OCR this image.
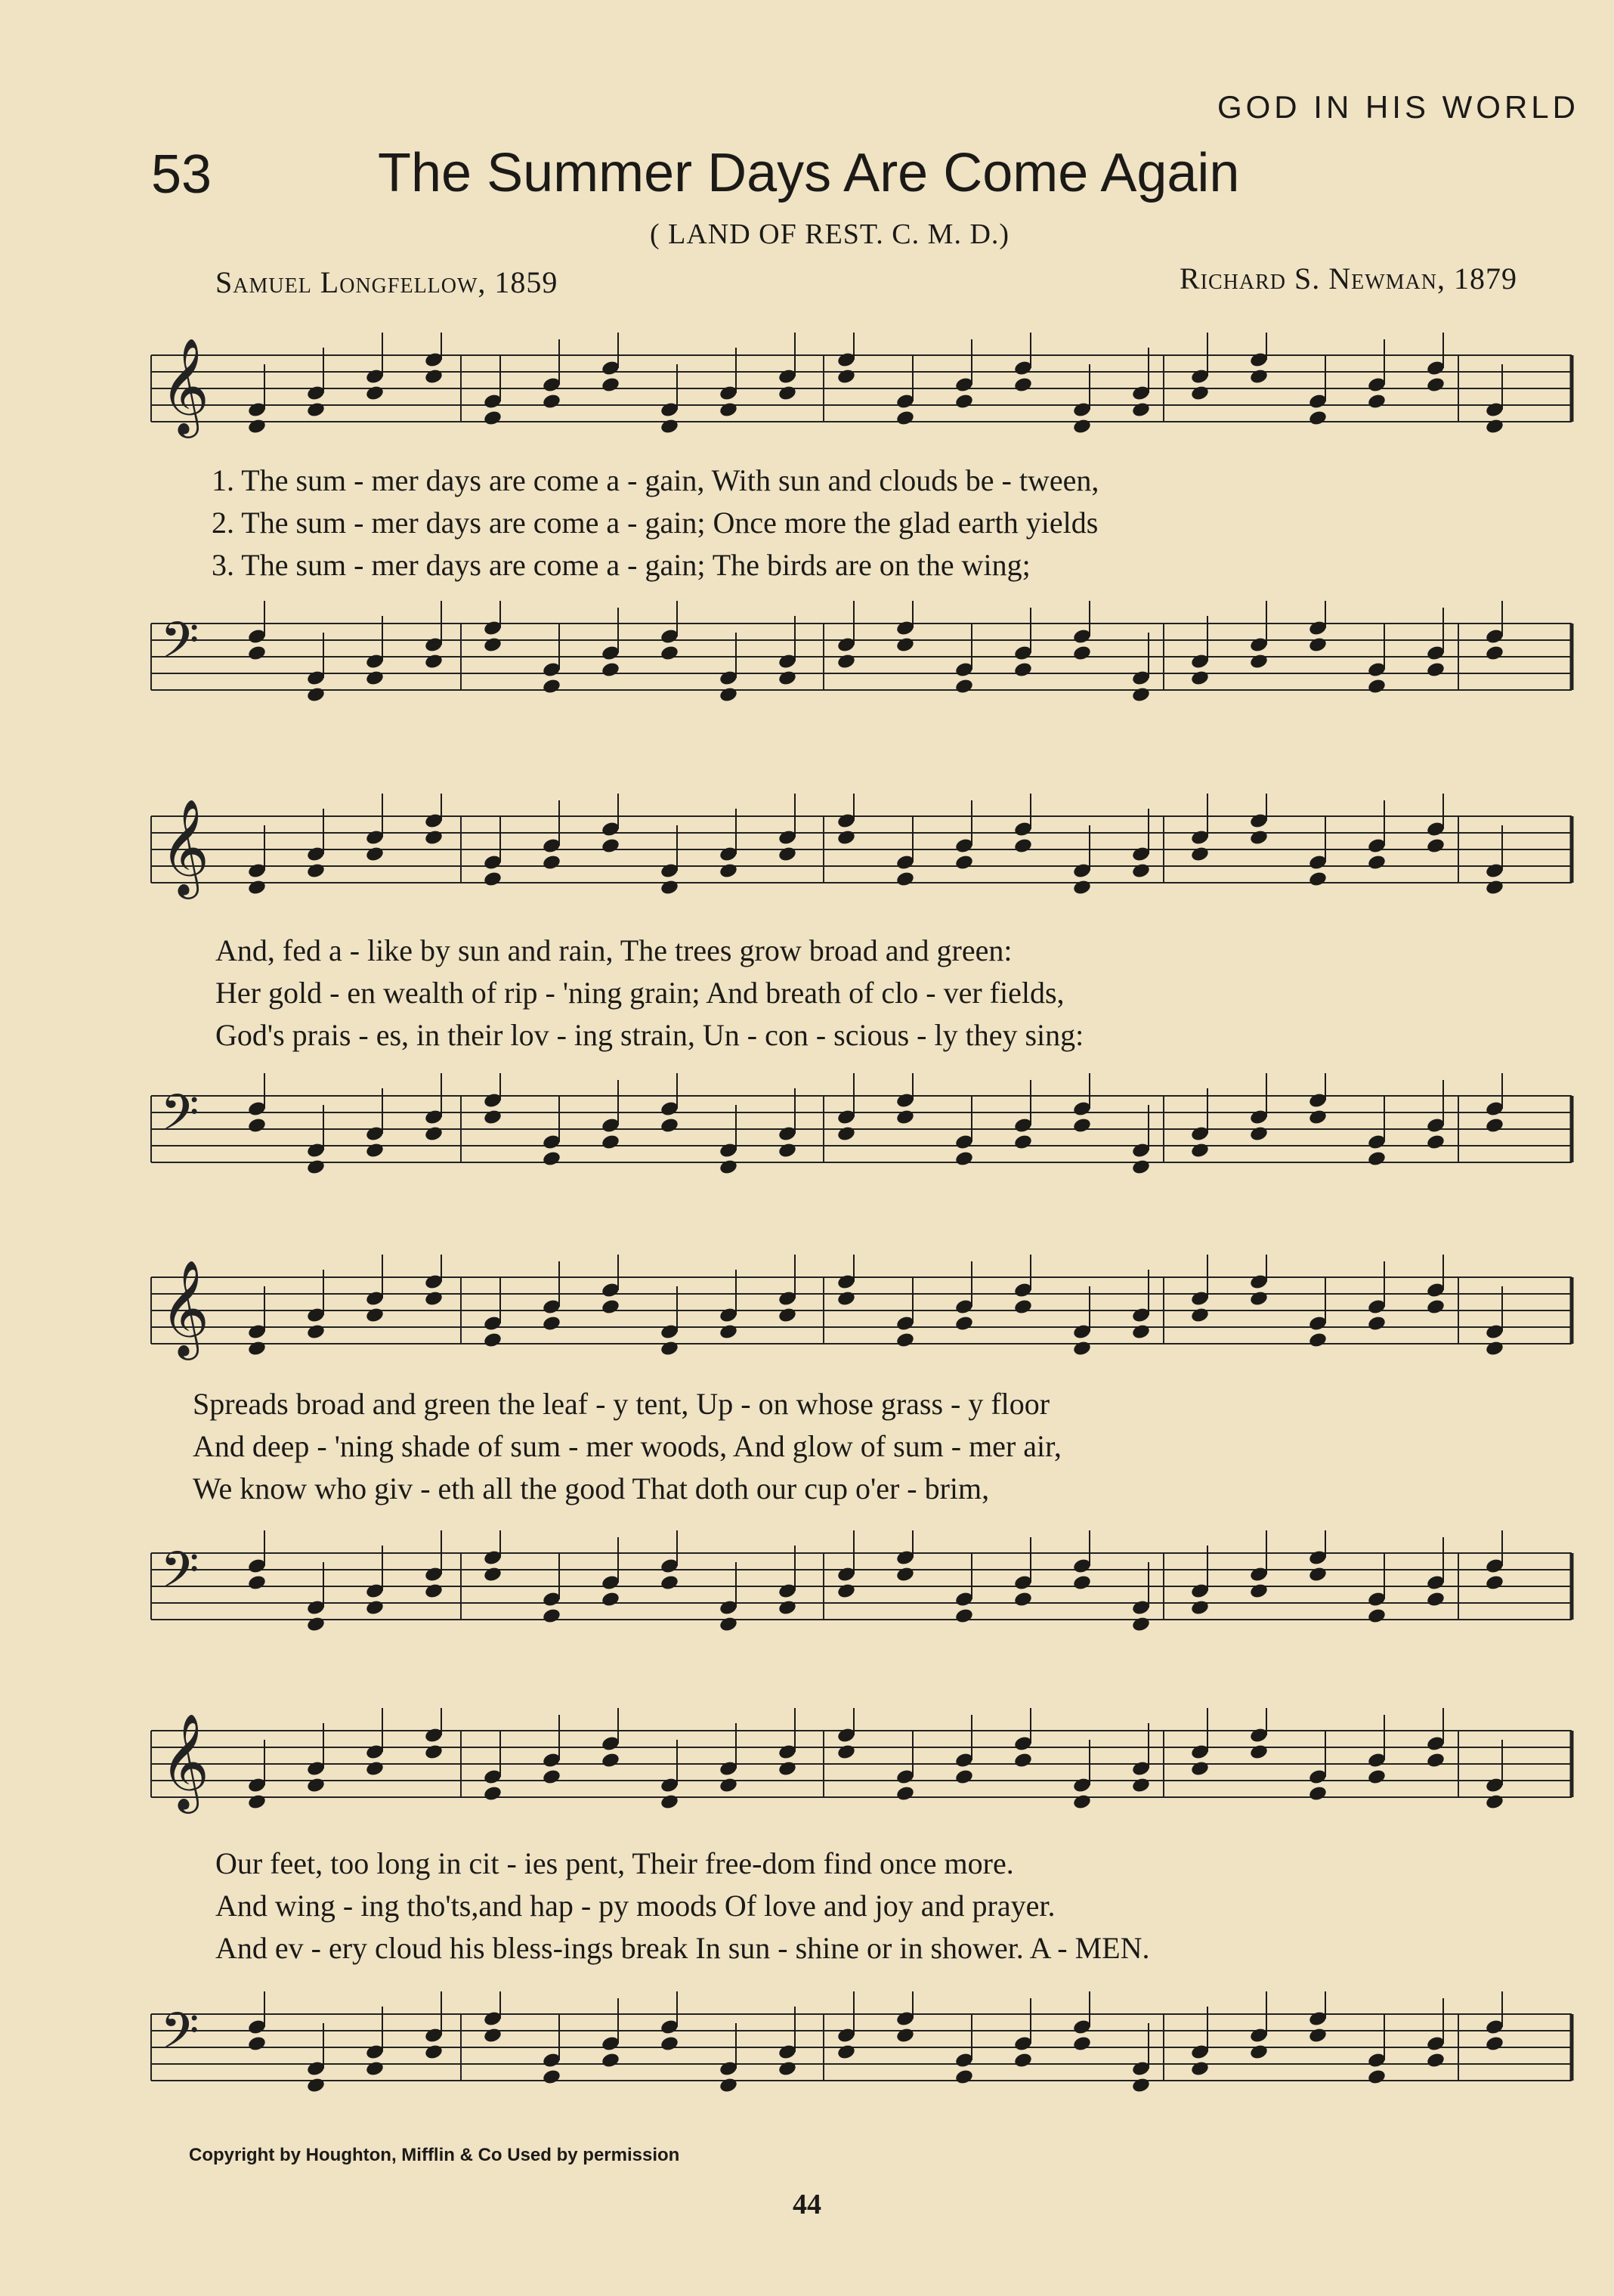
GOD IN HIS WORLD
53	The Summer Days Are Come Again
( LAND OF REST. C. M. D.)
Samuel Longfellow, 1859	Richard S. Newman, 1879
𝄞
1. The sum - mer days are come a - gain, With sun and clouds be - tween,
2. The sum - mer days are come a - gain; Once more the glad earth yields
3. The sum - mer days are come a - gain; The birds are on the wing;
𝄢
𝄞
And, fed a - like by sun and rain, The trees grow broad and green:
Her gold - en wealth of rip - 'ning grain; And breath of clo - ver fields,
God's prais - es, in their lov - ing strain, Un - con - scious - ly they sing:
𝄢
𝄞
Spreads broad and green the leaf - y tent, Up - on whose grass - y floor
And deep - 'ning shade of sum - mer woods, And glow of sum - mer air,
We know who giv - eth all the good That doth our cup o'er - brim,
𝄢
𝄞
Our feet, too long in cit - ies pent, Their free-dom find once more.
And wing - ing tho'ts,and hap - py moods Of love and joy and prayer.
And ev - ery cloud his bless-ings break In sun - shine or in shower. A - MEN.
𝄢
Copyright by Houghton, Mifflin & Co Used by permission
44
